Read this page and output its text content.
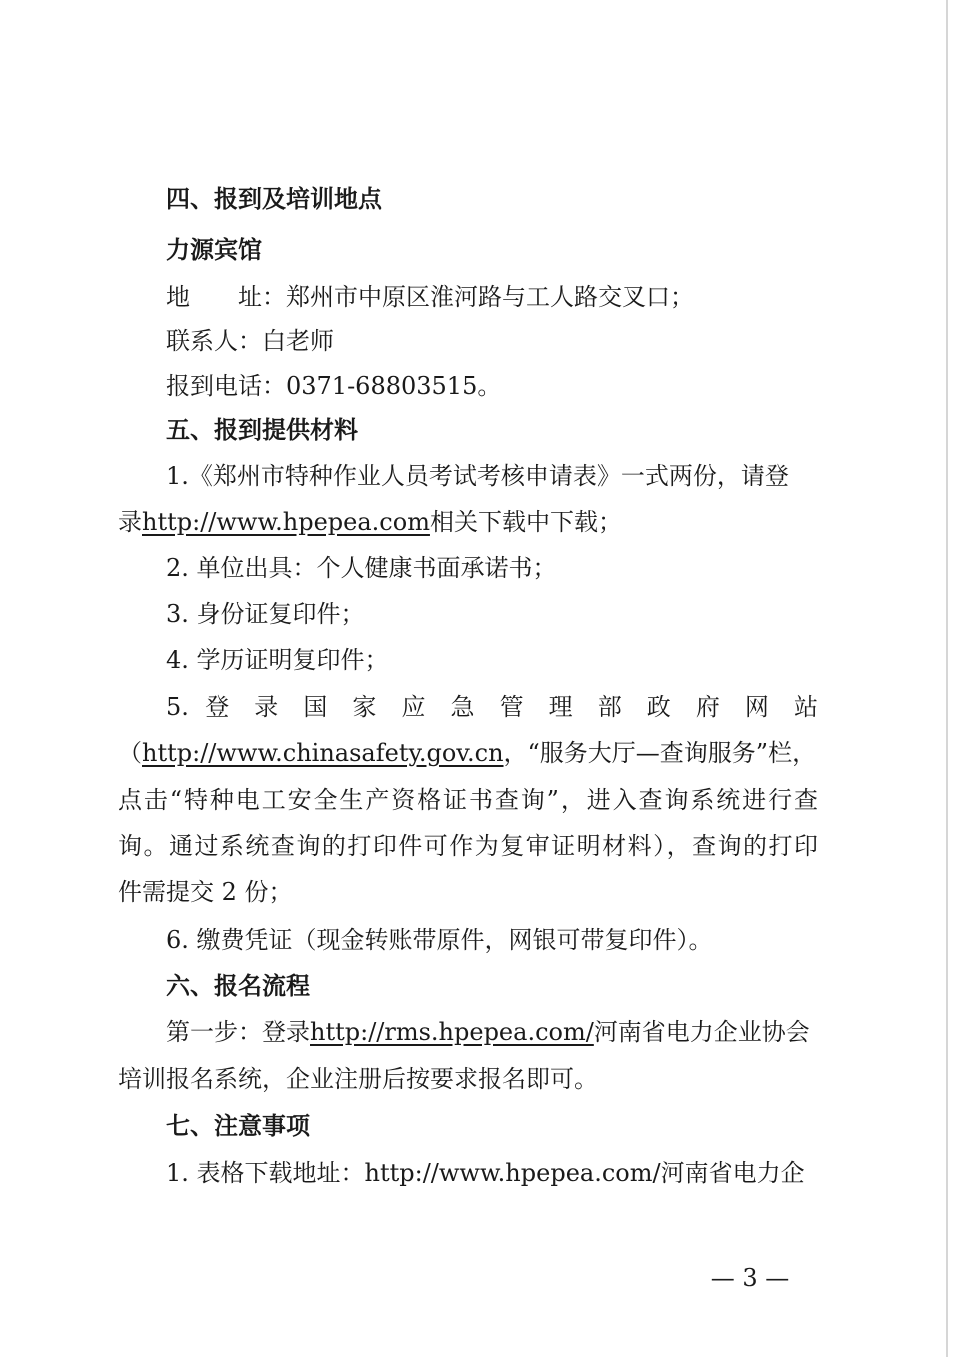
四、报到及培训地点
力源宾馆
地　　址：郑州市中原区淮河路与工人路交叉口；
联系人：白老师
报到电话：0371-68803515。
五、报到提供材料
1.《郑州市特种作业人员考试考核申请表》一式两份，请登
录http://www.hpepea.com相关下载中下载；
2. 单位出具：个人健康书面承诺书；
3. 身份证复印件；
4. 学历证明复印件；
5. 登 录 国 家 应 急 管 理 部 政 府 网 站
（http://www.chinasafety.gov.cn，“服务大厅—查询服务”栏，
点击“特种电工安全生产资格证书查询”，进入查询系统进行查
询。通过系统查询的打印件可作为复审证明材料），查询的打印
件需提交 2 份；
6. 缴费凭证（现金转账带原件，网银可带复印件）。
六、报名流程
第一步：登录http://rms.hpepea.com/河南省电力企业协会
培训报名系统，企业注册后按要求报名即可。
七、注意事项
1. 表格下载地址：http://www.hpepea.com/河南省电力企
— 3 —
